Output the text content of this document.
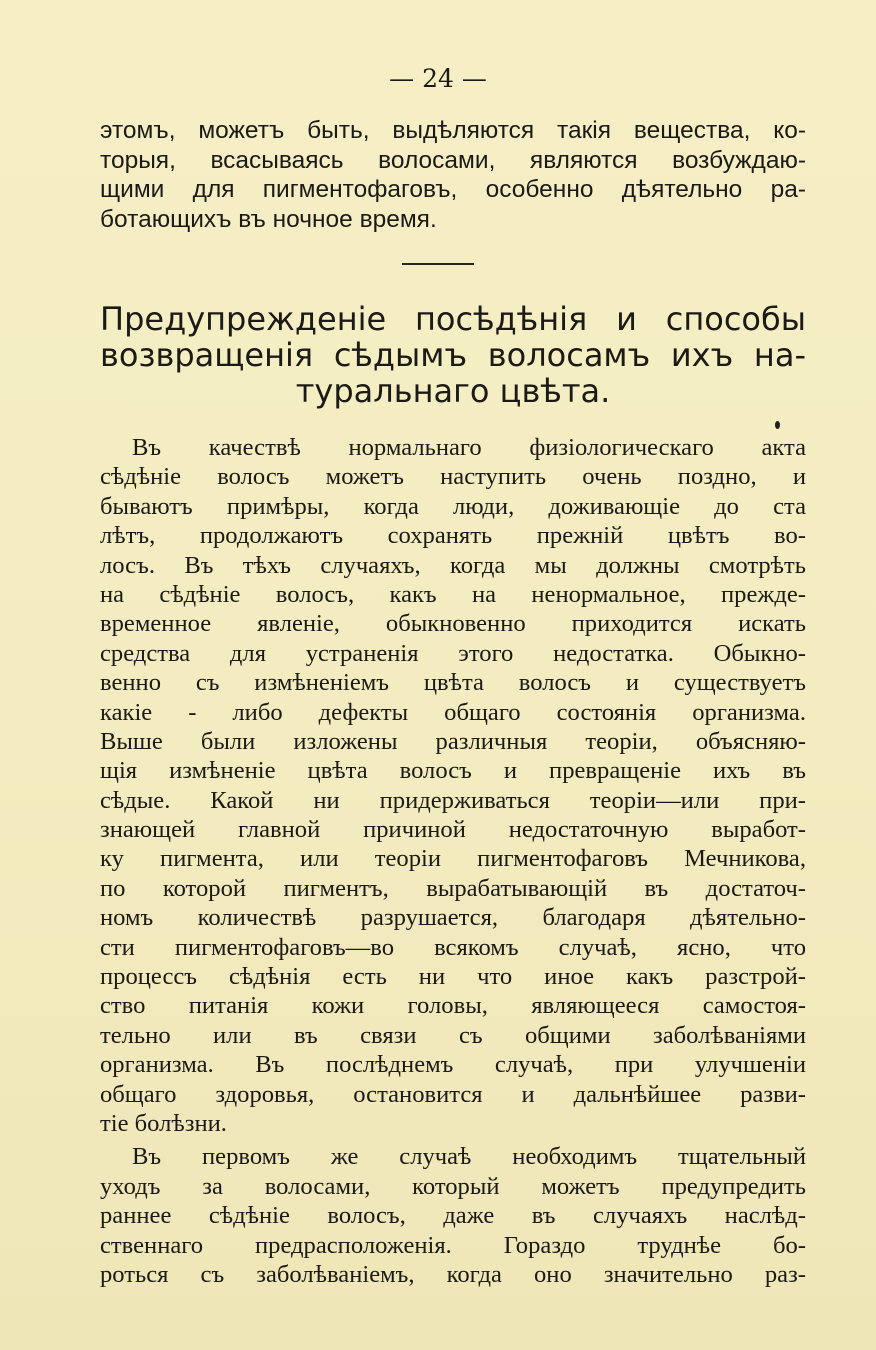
— 24 —
этомъ, можетъ быть, выдѣляются такія вещества, ко-
торыя, всасываясь волосами, являются возбуждаю-
щими для пигментофаговъ, особенно дѣятельно ра-
ботающихъ въ ночное время.
Предупрежденіе посѣдѣнія и способы
возвращенія сѣдымъ волосамъ ихъ на-
туральнаго цвѣта.
Въ качествѣ нормальнаго физіологическаго акта
сѣдѣніе волосъ можетъ наступить очень поздно, и
бываютъ примѣры, когда люди, доживающіе до ста
лѣтъ, продолжаютъ сохранять прежній цвѣтъ во-
лосъ. Въ тѣхъ случаяхъ, когда мы должны смотрѣть
на сѣдѣніе волосъ, какъ на ненормальное, прежде-
временное явленіе, обыкновенно приходится искать
средства для устраненія этого недостатка. Обыкно-
венно съ измѣненіемъ цвѣта волосъ и существуетъ
какіе - либо дефекты общаго состоянія организма.
Выше были изложены различныя теоріи, объясняю-
щія измѣненіе цвѣта волосъ и превращеніе ихъ въ
сѣдые. Какой ни придерживаться теоріи—или при-
знающей главной причиной недостаточную выработ-
ку пигмента, или теоріи пигментофаговъ Мечникова,
по которой пигментъ, вырабатывающій въ достаточ-
номъ количествѣ разрушается, благодаря дѣятельно-
сти пигментофаговъ—во всякомъ случаѣ, ясно, что
процессъ сѣдѣнія есть ни что иное какъ разстрой-
ство питанія кожи головы, являющееся самостоя-
тельно или въ связи съ общими заболѣваніями
организма. Въ послѣднемъ случаѣ, при улучшеніи
общаго здоровья, остановится и дальнѣйшее разви-
тіе болѣзни.
Въ первомъ же случаѣ необходимъ тщательный
уходъ за волосами, который можетъ предупредить
раннее сѣдѣніе волосъ, даже въ случаяхъ наслѣд-
ственнаго предрасположенія. Гораздо труднѣе бо-
роться съ заболѣваніемъ, когда оно значительно раз-
